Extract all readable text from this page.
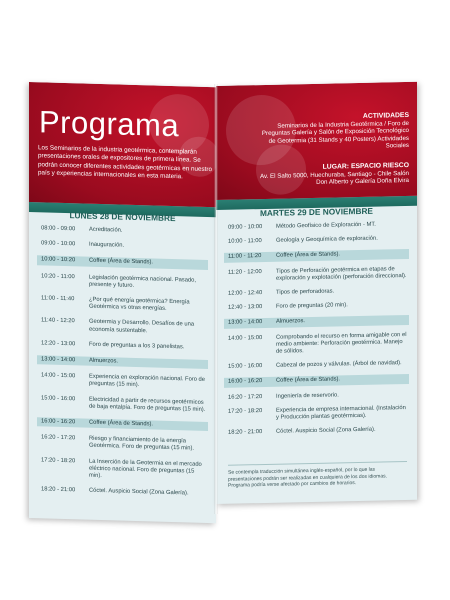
Programa
Los Seminarios de la industria geotérmica, contemplarán presentaciones orales de expositores de primera línea. Se podrán conocer diferentes actividades geotérmicas en nuestro país y experiencias internacionales en esta materia.
LUNES 28 DE NOVIEMBRE
08:00 - 09:00	Acreditación.
09:00 - 10:00	Inauguración.
10:00 - 10:20	Coffee (Área de Stands).
10:20 - 11:00	Legislación geotérmica nacional. Pasado, presente y futuro.
11:00 - 11:40	¿Por qué energía geotérmica? Energía Geotérmica vs otras energías.
11:40 - 12:20	Geotermia y Desarrollo. Desafíos de una economía sustentable.
12:20 - 13:00	Foro de preguntas a los 3 panelistas.
13:00 - 14:00	Almuerzos.
14:00 - 15:00	Experiencia en exploración nacional. Foro de preguntas (15 min).
15:00 - 16:00	Electricidad a partir de recursos geotérmicos de baja entalpía. Foro de preguntas (15 min).
16:00 - 16:20	Coffee (Área de Stands).
16:20 - 17:20	Riesgo y financiamiento de la energía Geotérmica. Foro de preguntas (15 min).
17:20 - 18:20	La Inserción de la Geotermia en el mercado eléctrico nacional. Foro de preguntas (15 min).
18:20 - 21:00	Cóctel. Auspicio Social (Zona Galería).
ACTIVIDADES
Seminarios de la Industria Geotérmica / Foro de Preguntas Galería y Salón de Exposición Tecnológico de Geotermia (31 Stands y 40 Posters) Actividades Sociales
LUGAR: ESPACIO RIESCO
Av. El Salto 5000, Huechuraba, Santiago - Chile Salón Don Alberto y Galería Doña Elvira
MARTES 29 DE NOVIEMBRE
09:00 - 10:00	Método Geofísico de Exploración - MT.
10:00 - 11:00	Geología y Geoquímica de exploración.
11:00 - 11:20	Coffee (Área de Stands).
11:20 - 12:00	Tipos de Perforación geotérmica en etapas de exploración y explotación (perforación direccional).
12:00 - 12:40	Tipos de perforadoras.
12:40 - 13:00	Foro de preguntas (20 min).
13:00 - 14:00	Almuerzos.
14:00 - 15:00	Comprobando el recurso en forma amigable con el medio ambiente: Perforación geotérmica. Manejo de sólidos.
15:00 - 16:00	Cabezal de pozos y válvulas. (Árbol de navidad).
16:00 - 16:20	Coffee (Área de Stands).
16:20 - 17:20	Ingeniería de reservorio.
17:20 - 18:20	Experiencia de empresa internacional. (Instalación y Producción plantas geotérmicas).
18:20 - 21:00	Cóctel. Auspicio Social (Zona Galería).
Se contempla traducción simultánea inglés-español, por lo que las presentaciones podrán ser realizadas en cualquiera de los dos idiomas. Programa podría verse afectado por cambios de horarios.
